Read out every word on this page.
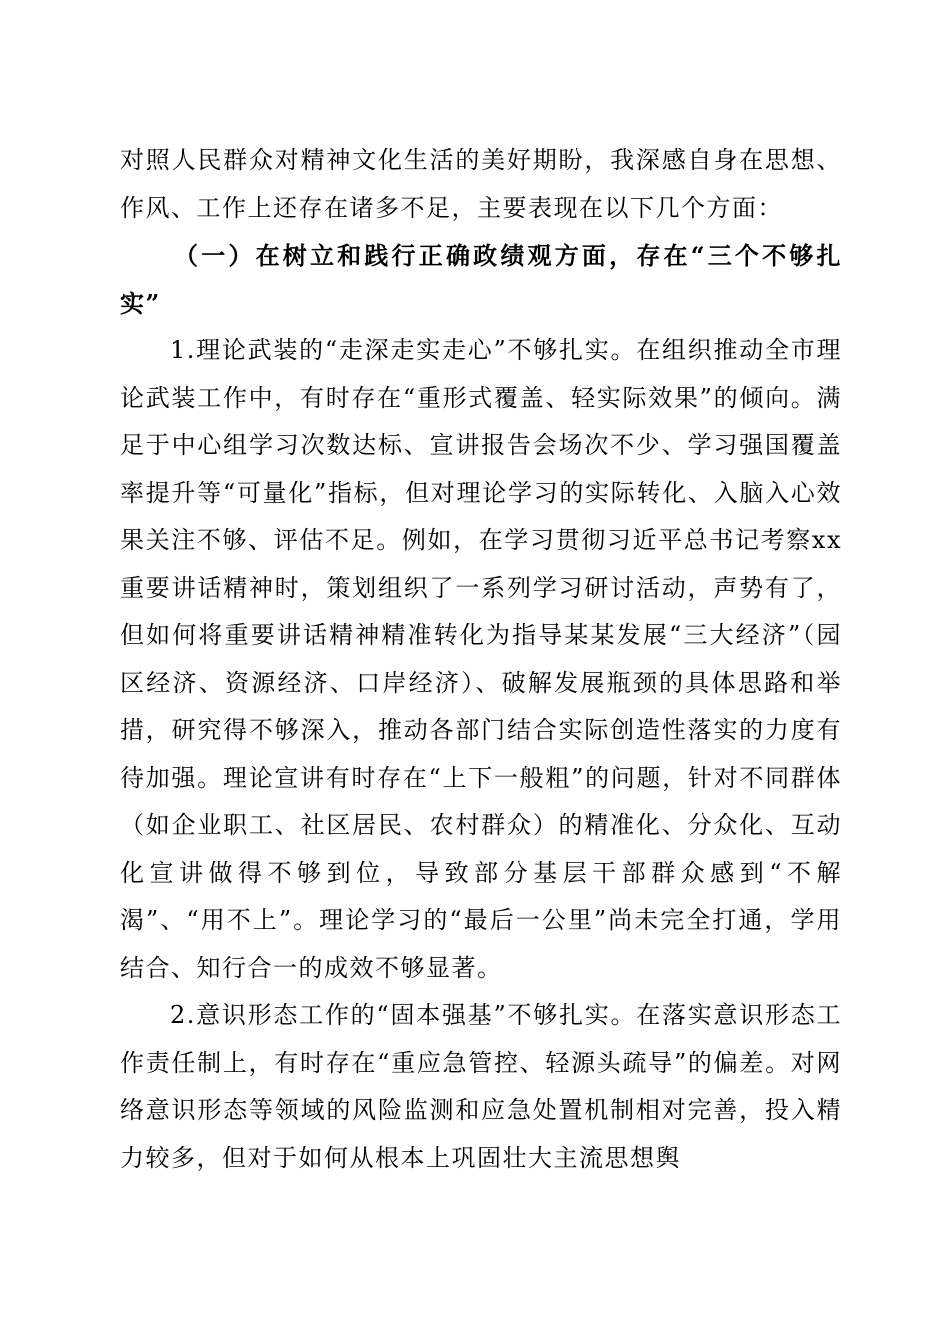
对照人民群众对精神文化生活的美好期盼，我深感自身在思想、作风、工作上还存在诸多不足，主要表现在以下几个方面：

（一）在树立和践行正确政绩观方面，存在“三个不够扎实”

1.理论武装的“走深走实走心”不够扎实。在组织推动全市理论武装工作中，有时存在“重形式覆盖、轻实际效果”的倾向。满足于中心组学习次数达标、宣讲报告会场次不少、学习强国覆盖率提升等“可量化”指标，但对理论学习的实际转化、入脑入心效果关注不够、评估不足。例如，在学习贯彻习近平总书记考察xx重要讲话精神时，策划组织了一系列学习研讨活动，声势有了，但如何将重要讲话精神精准转化为指导某某发展“三大经济”（园区经济、资源经济、口岸经济）、破解发展瓶颈的具体思路和举措，研究得不够深入，推动各部门结合实际创造性落实的力度有待加强。理论宣讲有时存在“上下一般粗”的问题，针对不同群体（如企业职工、社区居民、农村群众）的精准化、分众化、互动化宣讲做得不够到位，导致部分基层干部群众感到“不解渴”、“用不上”。理论学习的“最后一公里”尚未完全打通，学用结合、知行合一的成效不够显著。

2.意识形态工作的“固本强基”不够扎实。在落实意识形态工作责任制上，有时存在“重应急管控、轻源头疏导”的偏差。对网络意识形态等领域的风险监测和应急处置机制相对完善，投入精力较多，但对于如何从根本上巩固壮大主流思想舆
